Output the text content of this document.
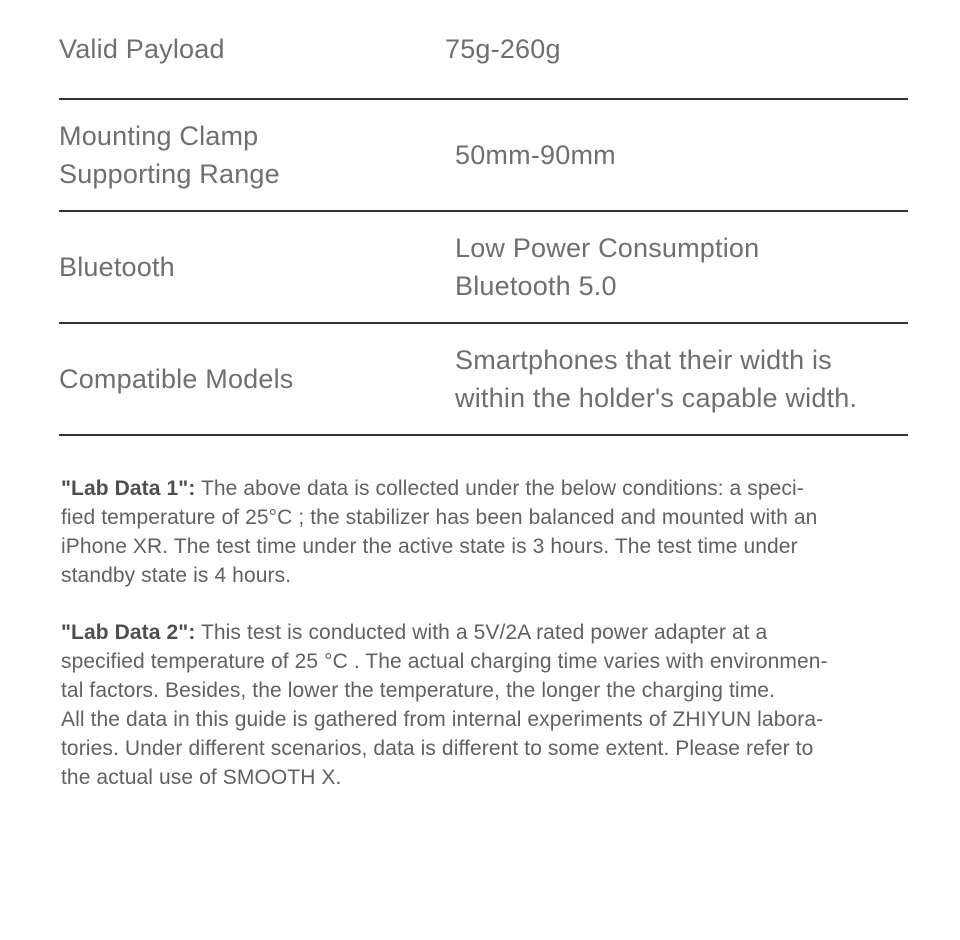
Valid Payload	75g-260g
Mounting Clamp
Supporting Range
50mm-90mm
Bluetooth
Low Power Consumption
Bluetooth 5.0
Compatible Models
Smartphones that their width is
within the holder's capable width.

"Lab Data 1": The above data is collected under the below conditions: a speci-
fied temperature of 25°C ; the stabilizer has been balanced and mounted with an
iPhone XR. The test time under the active state is 3 hours. The test time under
standby state is 4 hours.

"Lab Data 2": This test is conducted with a 5V/2A rated power adapter at a
specified temperature of 25 °C . The actual charging time varies with environmen-
tal factors. Besides, the lower the temperature, the longer the charging time.
All the data in this guide is gathered from internal experiments of ZHIYUN labora-
tories. Under different scenarios, data is different to some extent. Please refer to
the actual use of SMOOTH X.
